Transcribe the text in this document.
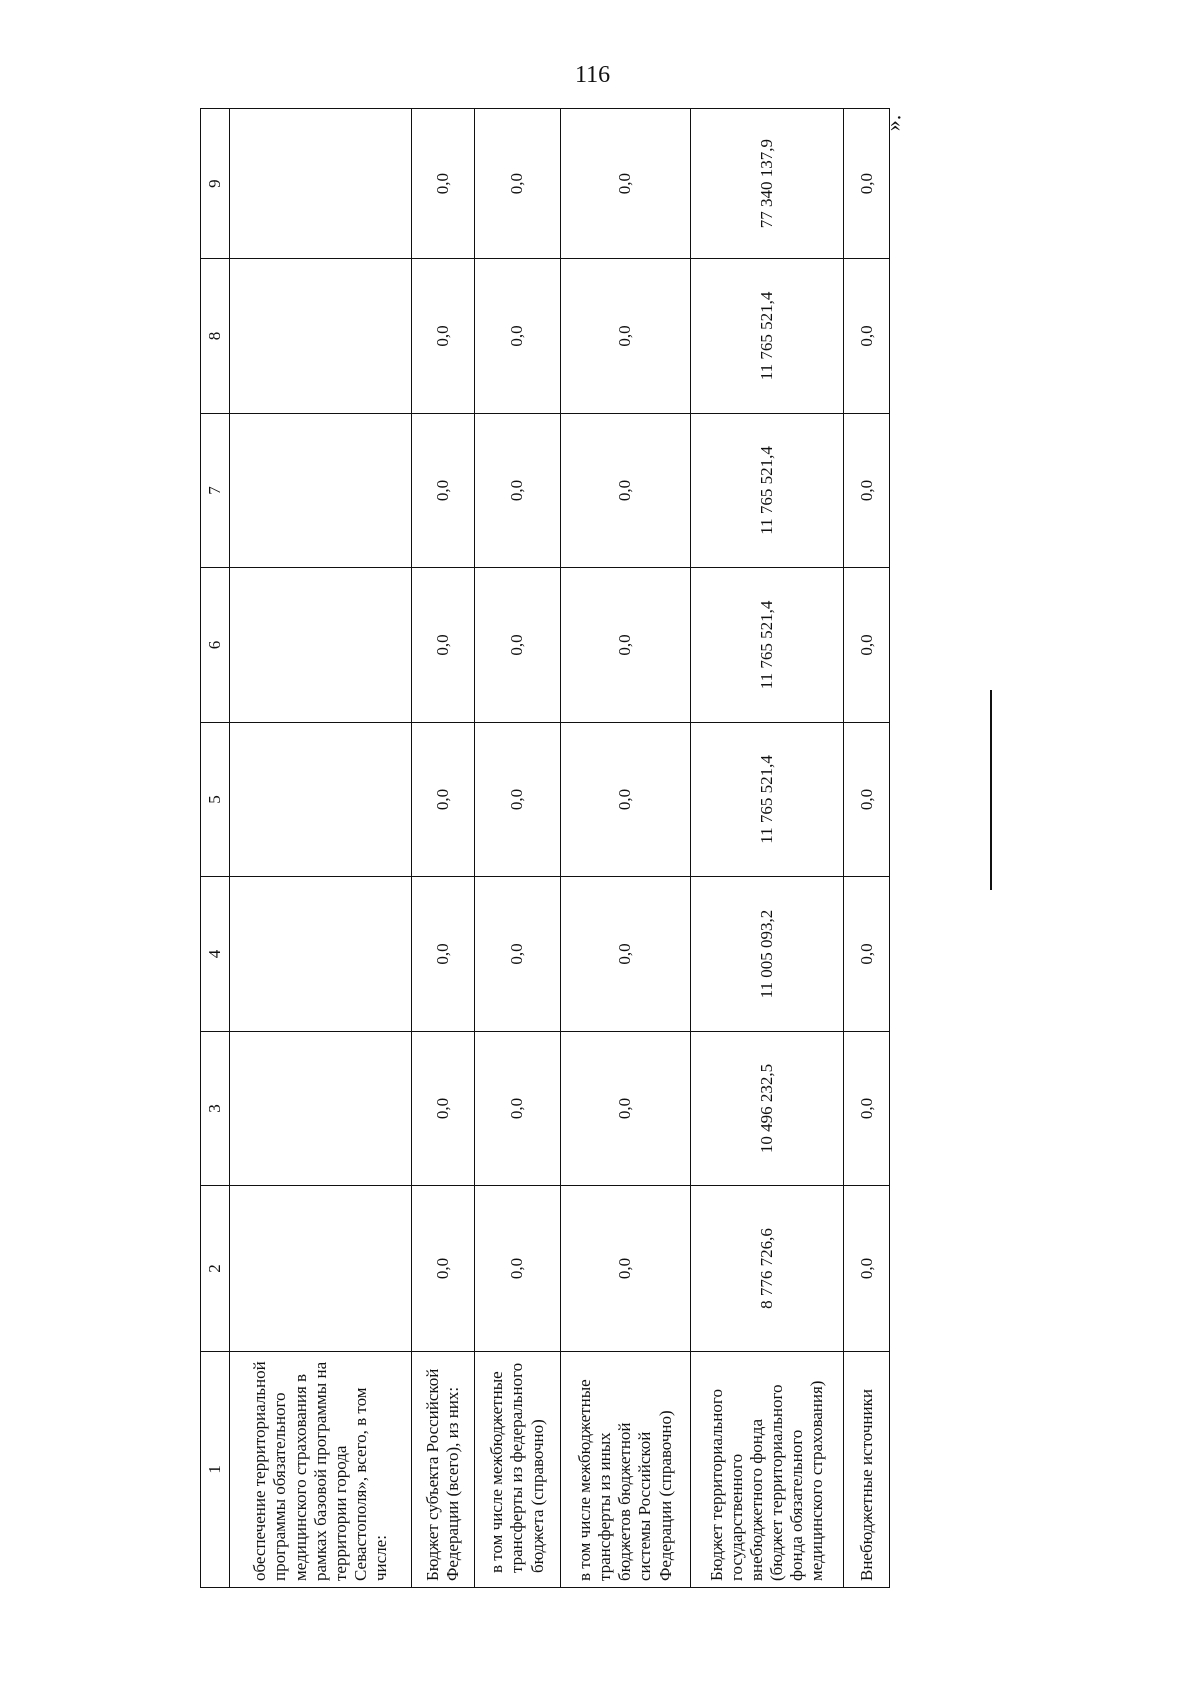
116
1	2	3	4	5	6	7	8	9
обеспечение территориальной программы обязательного медицинского страхования в рамках базовой программы на территории города Севастополя», всего, в том числе:								
Бюджет субъекта Российской Федерации (всего), из них:	0,0	0,0	0,0	0,0	0,0	0,0	0,0	0,0
в том числе межбюджетные трансферты из федерального бюджета (справочно)	0,0	0,0	0,0	0,0	0,0	0,0	0,0	0,0
в том числе межбюджетные трансферты из иных бюджетов бюджетной системы Российской Федерации (справочно)	0,0	0,0	0,0	0,0	0,0	0,0	0,0	0,0
Бюджет территориального государственного внебюджетного фонда (бюджет территориального фонда обязательного медицинского страхования)	8 776 726,6	10 496 232,5	11 005 093,2	11 765 521,4	11 765 521,4	11 765 521,4	11 765 521,4	77 340 137,9
Внебюджетные источники	0,0	0,0	0,0	0,0	0,0	0,0	0,0	0,0
».
